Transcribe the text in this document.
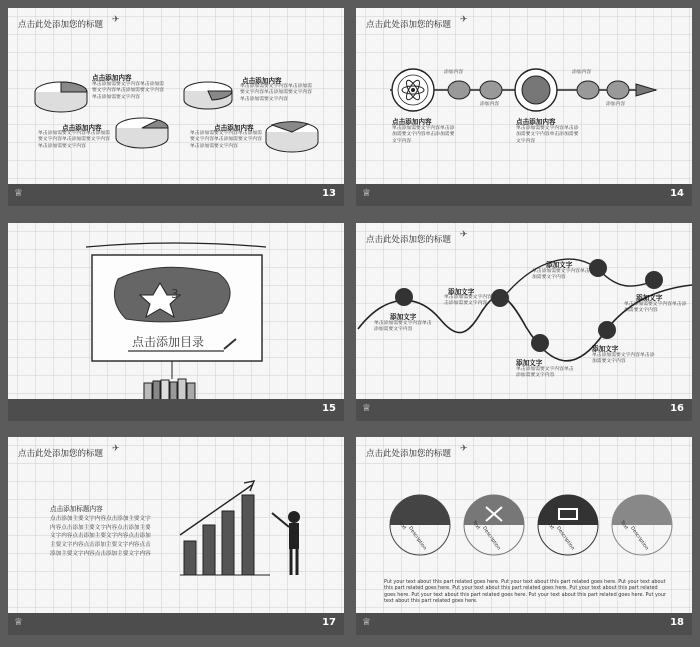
点击此处添加您的标题 ✈
点击添加内容
单击添加需要文字内容单击添加需要文字内容单击添加需要文字内容单击添加需要文字内容
点击添加内容
单击添加需要文字内容单击添加需要文字内容单击添加需要文字内容单击添加需要文字内容
点击添加内容
单击添加需要文字内容单击添加需要文字内容单击添加需要文字内容单击添加需要文字内容
点击添加内容
单击添加需要文字内容单击添加需要文字内容单击添加需要文字内容单击添加需要文字内容
♕	13
点击此处添加您的标题 ✈
添加内容
添加内容
添加内容
添加内容
点击添加内容
单击添加需要文字内容单击添加需要文字内容单击添加需要文字内容
点击添加内容
单击添加需要文字内容单击添加需要文字内容单击添加需要文字内容
♕	14
3
点击添加目录
15
点击此处添加您的标题 ✈
添加文字
单击添加需要文字内容单击添加需要文字内容
添加文字
单击添加需要文字内容单击添加需要文字内容
添加文字
单击添加需要文字内容单击添加需要文字内容
添加文字
单击添加需要文字内容单击添加需要文字内容
添加文字
单击添加需要文字内容单击添加需要文字内容
添加文字
单击添加需要文字内容单击添加需要文字内容
♕	16
点击此处添加您的标题 ✈
点击添加标题内容
点击添加主要文字内容点击添加主要文字内容点击添加主要文字内容点击添加主要文字内容点击添加主要文字内容点击添加主要文字内容点击添加主要文字内容点击添加主要文字内容点击添加主要文字内容
♕	17
点击此处添加您的标题 ✈
Text
Description
Text
Description
Text
Description
Text
Description
Put your text about this part related goes here. Put your text about this part related goes here. Put your text about this part related goes here. Put your text about this part related goes here. Put your text about this part related goes here. Put your text about this part related goes here. Put your text about this part related goes here. Put your text about this part related goes here.
♕	18
